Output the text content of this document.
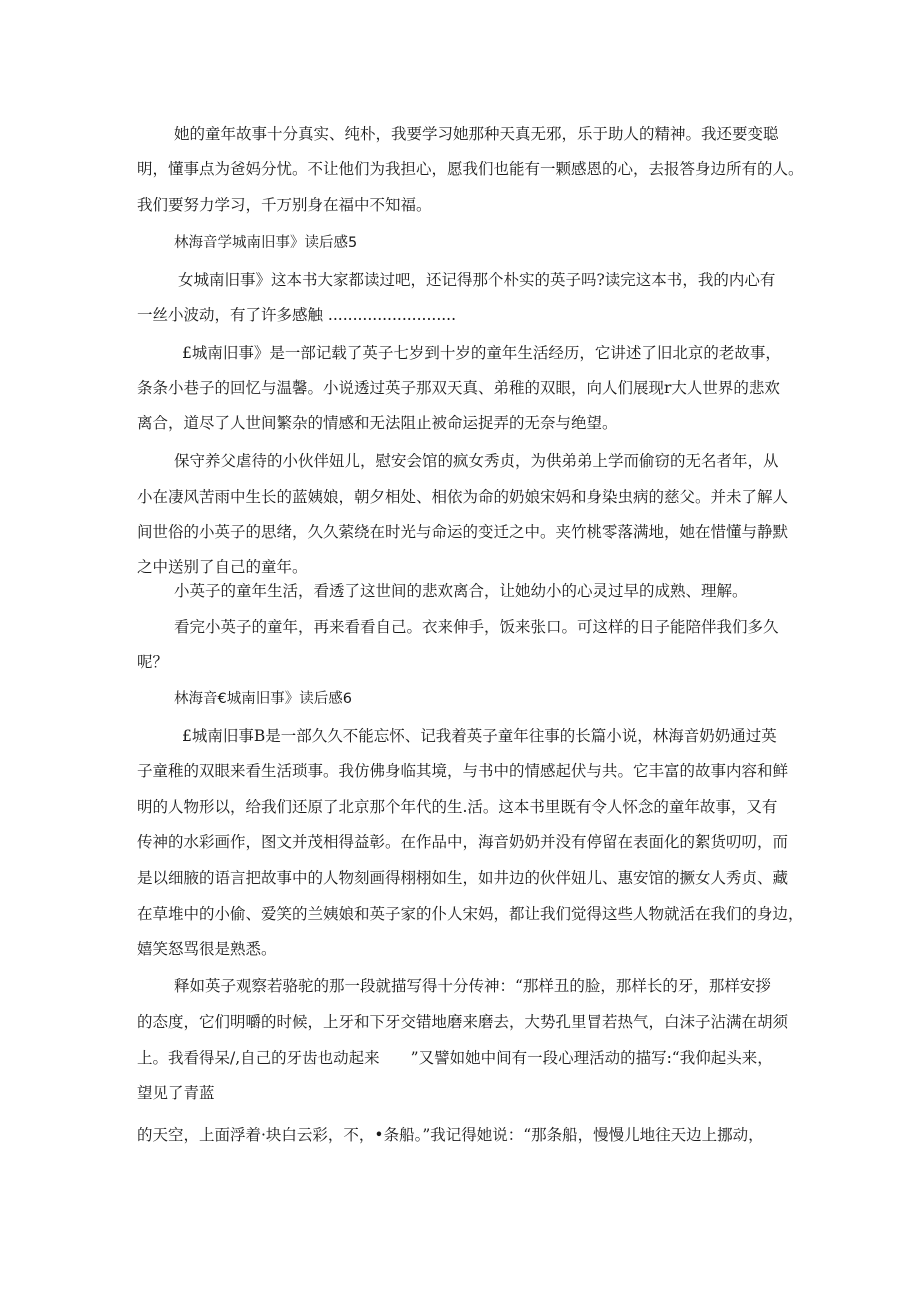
她的童年故事十分真实、纯朴，我要学习她那种天真无邪，乐于助人的精神。我还要变聪
明，懂事点为爸妈分忧。不让他们为我担心，愿我们也能有一颗感恩的心，去报答身边所有的人。
我们要努力学习，千万别身在福中不知福。
林海音学城南旧事》读后感5
女城南旧事》这本书大家都读过吧，还记得那个朴实的英子吗?读完这本书，我的内心有
一丝小波动，有了许多感触 ..........................
£城南旧事》是一部记载了英子七岁到十岁的童年生活经历，它讲述了旧北京的老故事，
条条小巷子的回忆与温馨。小说透过英子那双天真、弟稚的双眼，向人们展现r大人世界的悲欢
离合，道尽了人世间繁杂的情感和无法阻止被命运捉弄的无奈与绝望。
保守养父虐待的小伙伴妞儿，慰安会馆的疯女秀贞，为供弟弟上学而偷窃的无名者年，从
小在凄风苦雨中生长的蓝姨娘，朝夕相处、相依为命的奶娘宋妈和身染虫病的慈父。并未了解人
间世俗的小英子的思绪，久久萦绕在时光与命运的变迁之中。夹竹桃零落满地，她在惜懂与静默
之中送别了自己的童年。
小英子的童年生活，看透了这世间的悲欢离合，让她幼小的心灵过早的成熟、理解。
看完小英子的童年，再来看看自己。衣来伸手，饭来张口。可这样的日子能陪伴我们多久
呢？
林海音€城南旧事》读后感6
£城南旧事B是一部久久不能忘怀、记我着英子童年往事的长篇小说，林海音奶奶通过英
子童稚的双眼来看生活琐事。我仿佛身临其境，与书中的情感起伏与共。它丰富的故事内容和鲜
明的人物形以，给我们还原了北京那个年代的生.活。这本书里既有令人怀念的童年故事，又有
传神的水彩画作，图文并茂相得益彰。在作品中，海音奶奶并没有停留在表面化的絮货叨叨，而
是以细腋的语言把故事中的人物刻画得栩栩如生，如井边的伙伴妞儿、惠安馆的撅女人秀贞、藏
在草堆中的小偷、爱笑的兰姨娘和英子家的仆人宋妈，都让我们觉得这些人物就活在我们的身边，
嬉笑怒骂很是熟悉。
释如英子观察若骆驼的那一段就描写得十分传神：“那样丑的脸，那样长的牙，那样安拶
的态度，它们明嚼的时候，上牙和下牙交错地磨来磨去，大势孔里冒若热气，白沫子沾满在胡须
上。我看得呆/,自己的牙齿也动起来　　”又譬如她中间有一段心理活动的描写:“我仰起头来，
望见了青蓝
的天空，上面浮着·块白云彩，不，•条船。”我记得她说：“那条船，慢慢儿地往天边上挪动，
